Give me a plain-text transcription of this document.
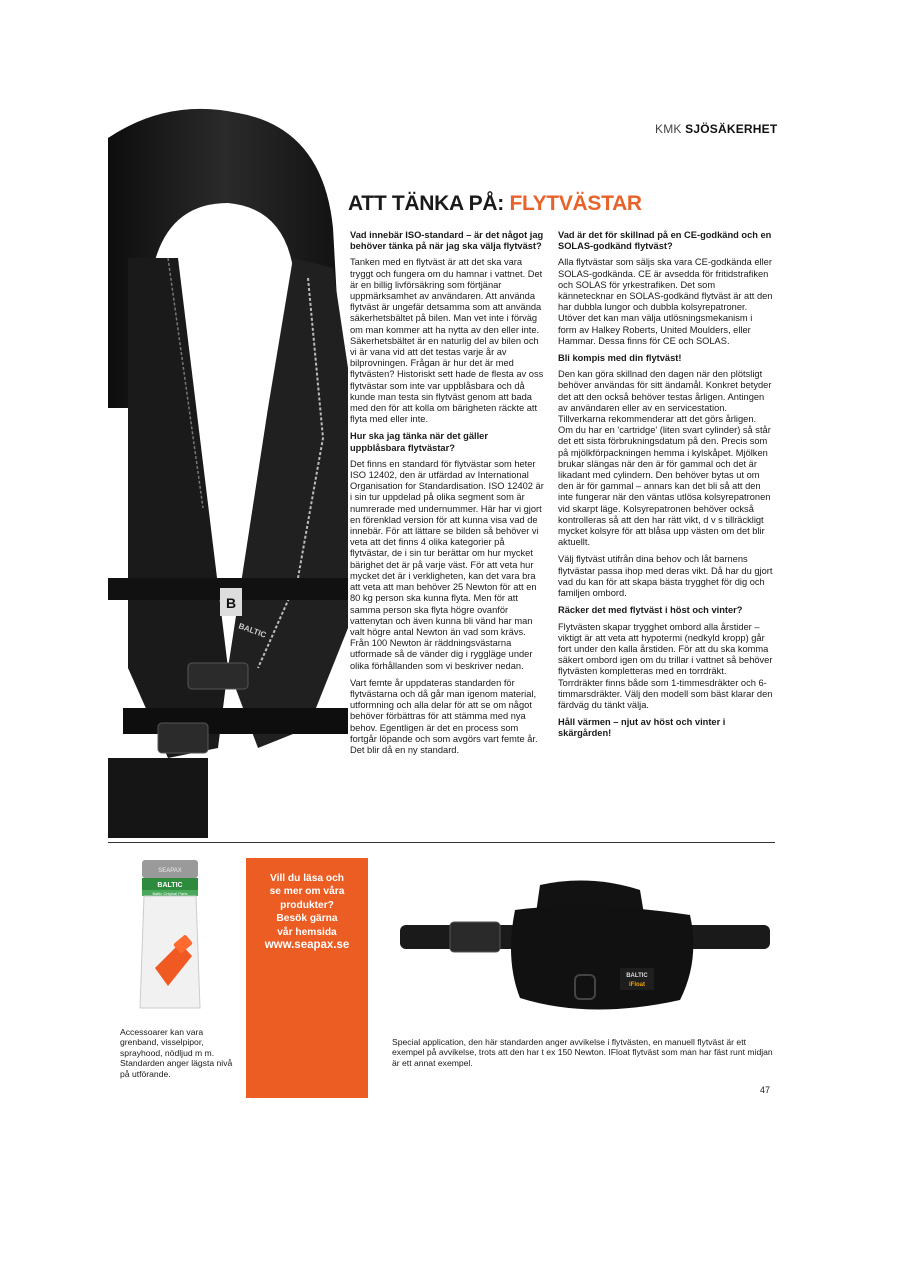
KMK SJÖSÄKERHET
B
BALTIC
ATT TÄNKA PÅ: FLYTVÄSTAR
Vad innebär ISO-standard – är det något jag behöver tänka på när jag ska välja flytväst?

Tanken med en flytväst är att det ska vara tryggt och fungera om du hamnar i vattnet. Det är en billig livförsäkring som förtjänar uppmärksamhet av användaren. Att använda flytväst är ungefär detsamma som att använda säkerhetsbältet på bilen. Man vet inte i förväg om man kommer att ha nytta av den eller inte. Säkerhetsbältet är en naturlig del av bilen och vi är vana vid att det testas varje år av bilprovningen. Frågan är hur det är med flytvästen? Historiskt sett hade de flesta av oss flytvästar som inte var uppblåsbara och då kunde man testa sin flytväst genom att bada med den för att kolla om bärigheten räckte att flyta med eller inte.

Hur ska jag tänka när det gäller uppblåsbara flytvästar?

Det finns en standard för flytvästar som heter ISO 12402, den är utfärdad av International Organisation for Standardisation. ISO 12402 är i sin tur uppdelad på olika segment som är numrerade med undernummer. Här har vi gjort en förenklad version för att kunna visa vad de innebär. För att lättare se bilden så behöver vi veta att det finns 4 olika kategorier på flytvästar, de i sin tur berättar om hur mycket bärighet det är på varje väst. För att veta hur mycket det är i verkligheten, kan det vara bra att veta att man behöver 25 Newton för att en 80 kg person ska kunna flyta. Men för att samma person ska flyta högre ovanför vattenytan och även kunna bli vänd har man valt högre antal Newton än vad som krävs. Från 100 Newton är räddningsvästarna utformade så de vänder dig i ryggläge under olika förhållanden som vi beskriver nedan.

Vart femte år uppdateras standarden för flytvästarna och då går man igenom material, utformning och alla delar för att se om något behöver förbättras för att stämma med nya behov. Egentligen är det en process som fortgår löpande och som avgörs vart femte år. Det blir då en ny standard.

Vad är det för skillnad på en CE-godkänd och en SOLAS-godkänd flytväst?

Alla flytvästar som säljs ska vara CE-godkända eller SOLAS-godkända. CE är avsedda för fritidstrafiken och SOLAS för yrkestrafiken. Det som kännetecknar en SOLAS-godkänd flytväst är att den har dubbla lungor och dubbla kolsyrepatroner. Utöver det kan man välja utlösningsmekanism i form av Halkey Roberts, United Moulders, eller Hammar. Dessa finns för CE och SOLAS.

Bli kompis med din flytväst!

Den kan göra skillnad den dagen när den plötsligt behöver användas för sitt ändamål. Konkret betyder det att den också behöver testas årligen. Antingen av användaren eller av en servicestation. Tillverkarna rekommenderar att det görs årligen. Om du har en 'cartridge' (liten svart cylinder) så står det ett sista förbrukningsdatum på den. Precis som på mjölkförpackningen hemma i kylskåpet. Mjölken brukar slängas när den är för gammal och det är likadant med cylindern. Den behöver bytas ut om den är för gammal – annars kan det bli så att den inte fungerar när den väntas utlösa kolsyrepatronen vid skarpt läge. Kolsyrepatronen behöver också kontrolleras så att den har rätt vikt, d v s tillräckligt mycket kolsyre för att blåsa upp västen om det blir aktuellt.

Välj flytväst utifrån dina behov och låt barnens flytvästar passa ihop med deras vikt. Då har du gjort vad du kan för att skapa bästa trygghet för dig och familjen ombord.

Räcker det med flytväst i höst och vinter?

Flytvästen skapar trygghet ombord alla årstider – viktigt är att veta att hypotermi (nedkyld kropp) går fort under den kalla årstiden. För att du ska komma säkert ombord igen om du trillar i vattnet så behöver flytvästen kompletteras med en torrdräkt. Torrdräkter finns både som 1-timmesdräkter och 6-timmarsdräkter. Välj den modell som bäst klarar den färdväg du tänkt välja.

Håll värmen – njut av höst och vinter i skärgården!

SEAPAX
BALTIC
Baltic Original Parts
Accessoarer kan vara grenband, visselpipor, sprayhood, nödljud m m. Standarden anger lägsta nivå på utförande.
Vill du läsa och
se mer om våra
produkter?
Besök gärna
vår hemsida
www.seapax.se
BALTIC
iFloat
Special application, den här standarden anger avvikelse i flytvästen, en manuell flytväst är ett exempel på avvikelse, trots att den har t ex 150 Newton. IFloat flytväst som man har fäst runt midjan är ett annat exempel.
47
